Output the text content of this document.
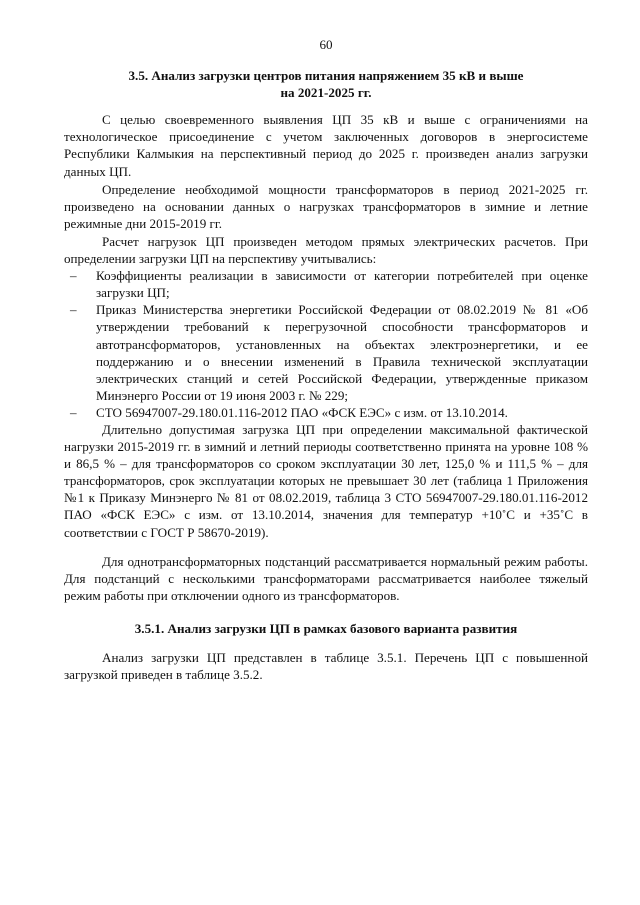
60
3.5. Анализ загрузки центров питания напряжением 35 кВ и выше
на 2021-2025 гг.

С целью своевременного выявления ЦП 35 кВ и выше с ограничениями на технологическое присоединение с учетом заключенных договоров в энергосистеме Республики Калмыкия на перспективный период до 2025 г. произведен анализ загрузки данных ЦП.

Определение необходимой мощности трансформаторов в период 2021-2025 гг. произведено на основании данных о нагрузках трансформаторов в зимние и летние режимные дни 2015-2019 гг.

Расчет нагрузок ЦП произведен методом прямых электрических расчетов. При определении загрузки ЦП на перспективу учитывались:

– Коэффициенты реализации в зависимости от категории потребителей при оценке загрузки ЦП;
– Приказ Министерства энергетики Российской Федерации от 08.02.2019 № 81 «Об утверждении требований к перегрузочной способности трансформаторов и автотрансформаторов, установленных на объектах электроэнергетики, и ее поддержанию и о внесении изменений в Правила технической эксплуатации электрических станций и сетей Российской Федерации, утвержденные приказом Минэнерго России от 19 июня 2003 г. № 229;
– СТО 56947007-29.180.01.116-2012 ПАО «ФСК ЕЭС» с изм. от 13.10.2014.

Длительно допустимая загрузка ЦП при определении максимальной фактической нагрузки 2015-2019 гг. в зимний и летний периоды соответственно принята на уровне 108 % и 86,5 % – для трансформаторов со сроком эксплуатации 30 лет, 125,0 % и 111,5 % – для трансформаторов, срок эксплуатации которых не превышает 30 лет (таблица 1 Приложения №1 к Приказу Минэнерго № 81 от 08.02.2019, таблица 3 СТО 56947007-29.180.01.116-2012 ПАО «ФСК ЕЭС» с изм. от 13.10.2014, значения для температур +10˚С и +35˚С в соответствии с ГОСТ Р 58670-2019).

Для однотрансформаторных подстанций рассматривается нормальный режим работы. Для подстанций с несколькими трансформаторами рассматривается наиболее тяжелый режим работы при отключении одного из трансформаторов.

3.5.1. Анализ загрузки ЦП в рамках базового варианта развития

Анализ загрузки ЦП представлен в таблице 3.5.1. Перечень ЦП с повышенной загрузкой приведен в таблице 3.5.2.
